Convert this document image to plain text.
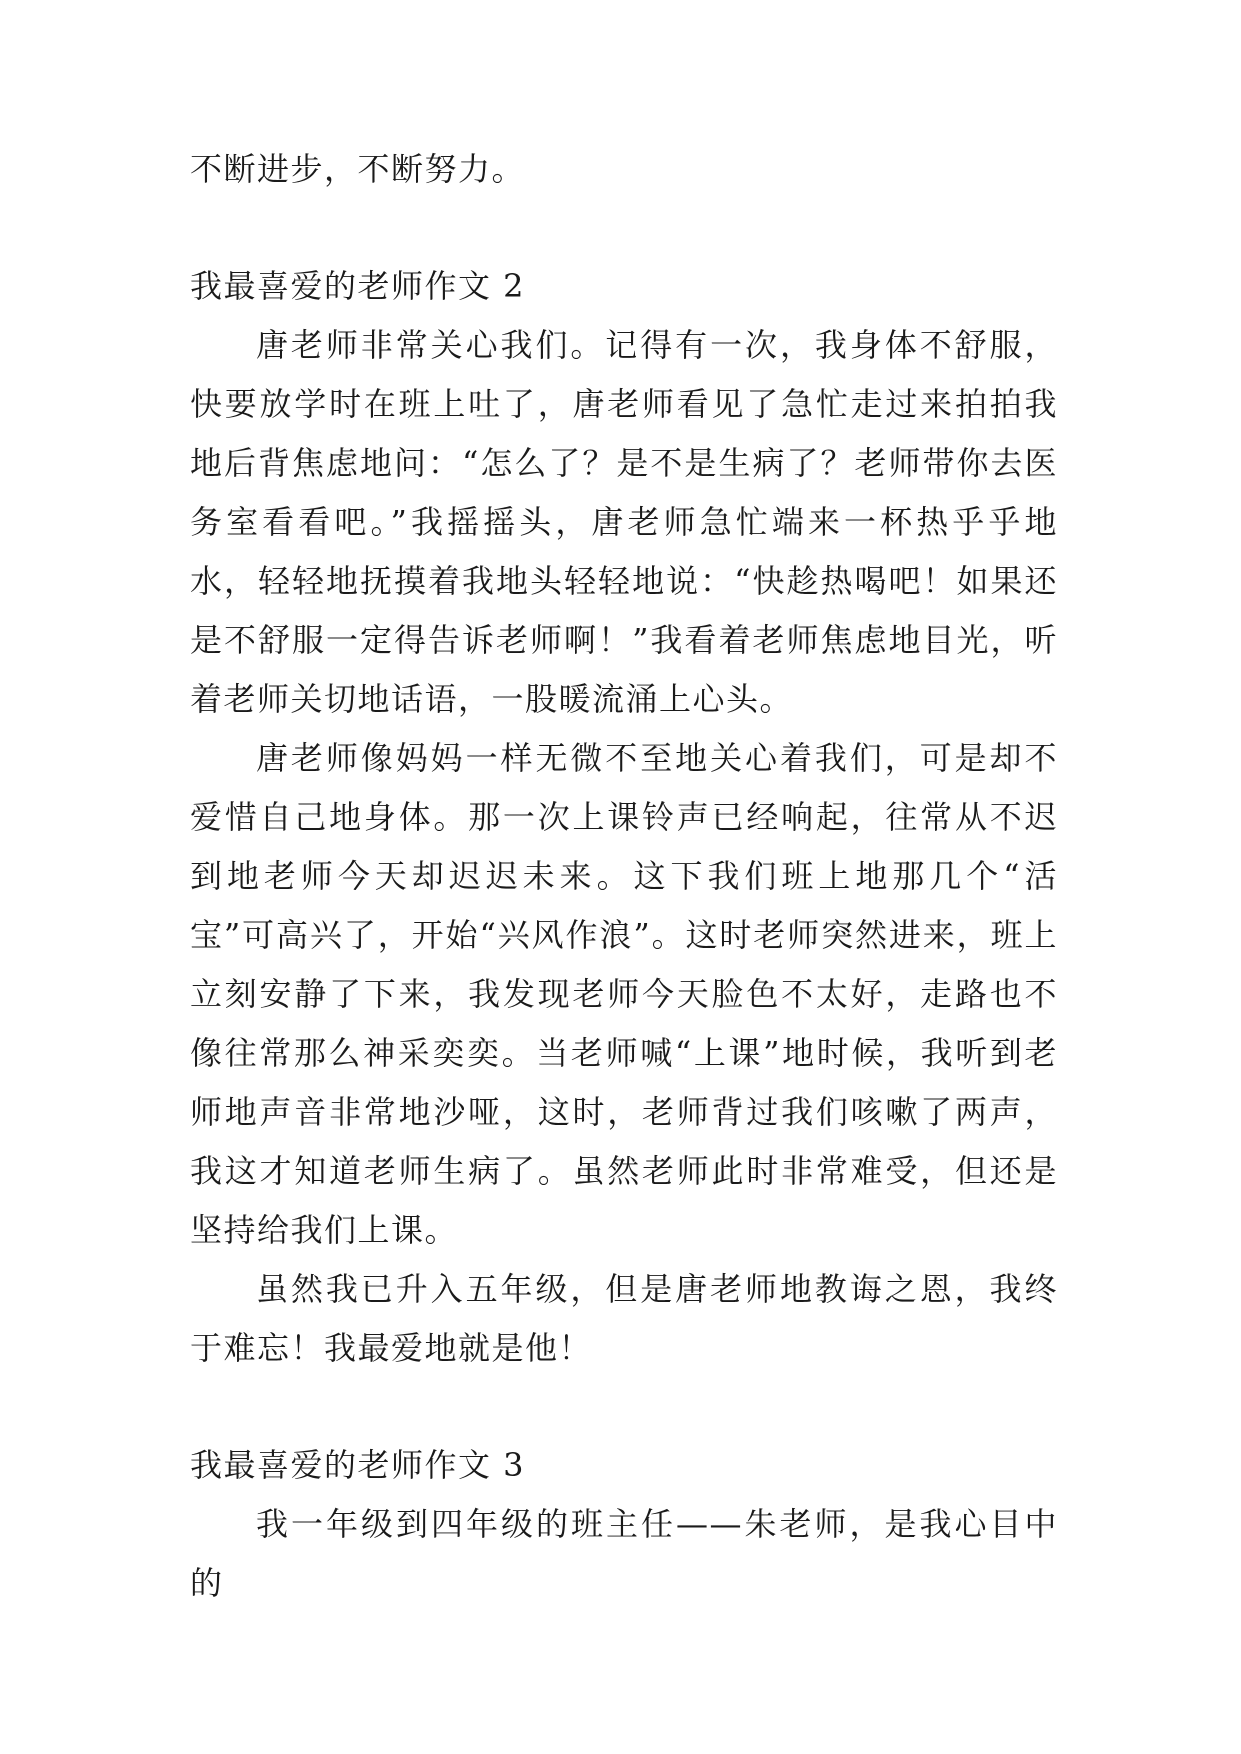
不断进步，不断努力。

我最喜爱的老师作文 2

唐老师非常关心我们。记得有一次，我身体不舒服，快要放学时在班上吐了，唐老师看见了急忙走过来拍拍我地后背焦虑地问：“怎么了？是不是生病了？老师带你去医务室看看吧。”我摇摇头，唐老师急忙端来一杯热乎乎地水，轻轻地抚摸着我地头轻轻地说：“快趁热喝吧！如果还是不舒服一定得告诉老师啊！”我看着老师焦虑地目光，听着老师关切地话语，一股暖流涌上心头。

唐老师像妈妈一样无微不至地关心着我们，可是却不爱惜自己地身体。那一次上课铃声已经响起，往常从不迟到地老师今天却迟迟未来。这下我们班上地那几个“活宝”可高兴了，开始“兴风作浪”。这时老师突然进来，班上立刻安静了下来，我发现老师今天脸色不太好，走路也不像往常那么神采奕奕。当老师喊“上课”地时候，我听到老师地声音非常地沙哑，这时，老师背过我们咳嗽了两声，我这才知道老师生病了。虽然老师此时非常难受，但还是坚持给我们上课。

虽然我已升入五年级，但是唐老师地教诲之恩，我终于难忘！我最爱地就是他！

我最喜爱的老师作文 3

我一年级到四年级的班主任——朱老师，是我心目中的
